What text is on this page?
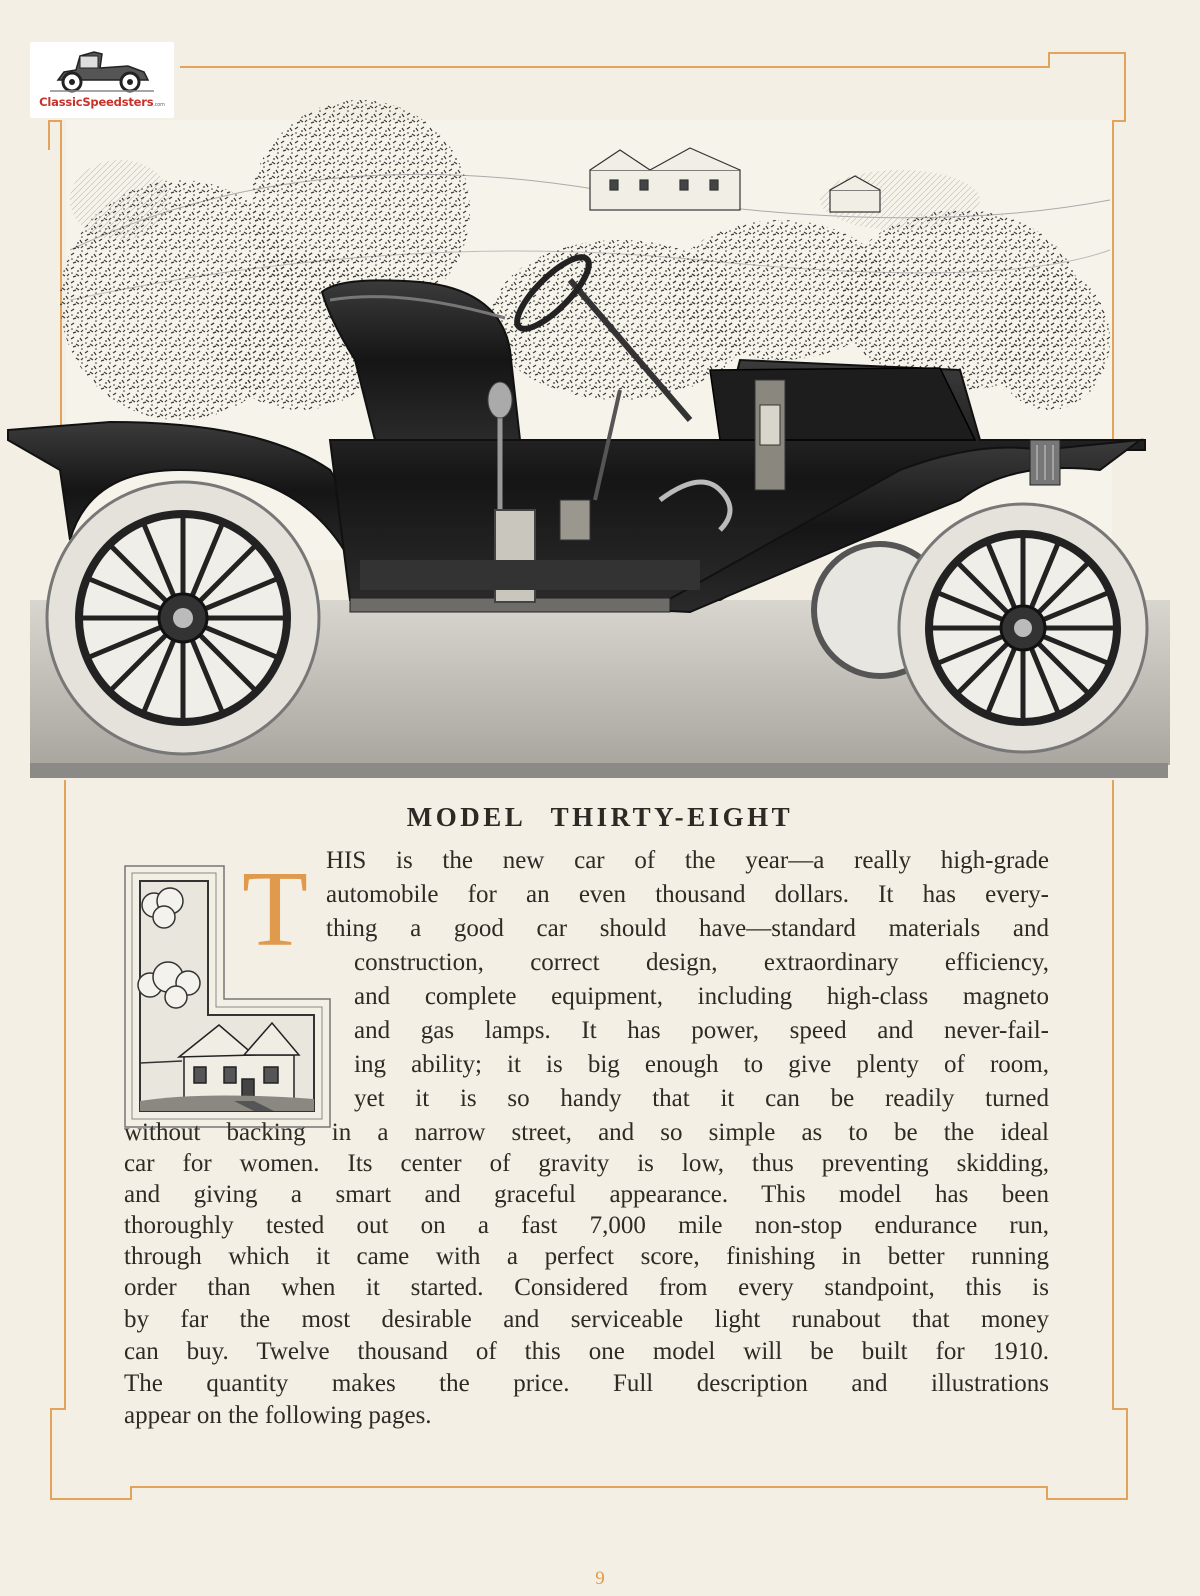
ClassicSpeedsters.com
MODEL THIRTY-EIGHT
T HIS is the new car of the year—a really high-grade
automobile for an even thousand dollars. It has every-
thing a good car should have—standard materials and
construction, correct design, extraordinary efficiency,
and complete equipment, including high-class magneto
and gas lamps. It has power, speed and never-fail-
ing ability; it is big enough to give plenty of room,
yet it is so handy that it can be readily turned
without backing in a narrow street, and so simple as to be the ideal
car for women. Its center of gravity is low, thus preventing skidding,
and giving a smart and graceful appearance. This model has been
thoroughly tested out on a fast 7,000 mile non-stop endurance run,
through which it came with a perfect score, finishing in better running
order than when it started. Considered from every standpoint, this is
by far the most desirable and serviceable light runabout that money
can buy. Twelve thousand of this one model will be built for 1910.
The quantity makes the price. Full description and illustrations
appear on the following pages.
9
